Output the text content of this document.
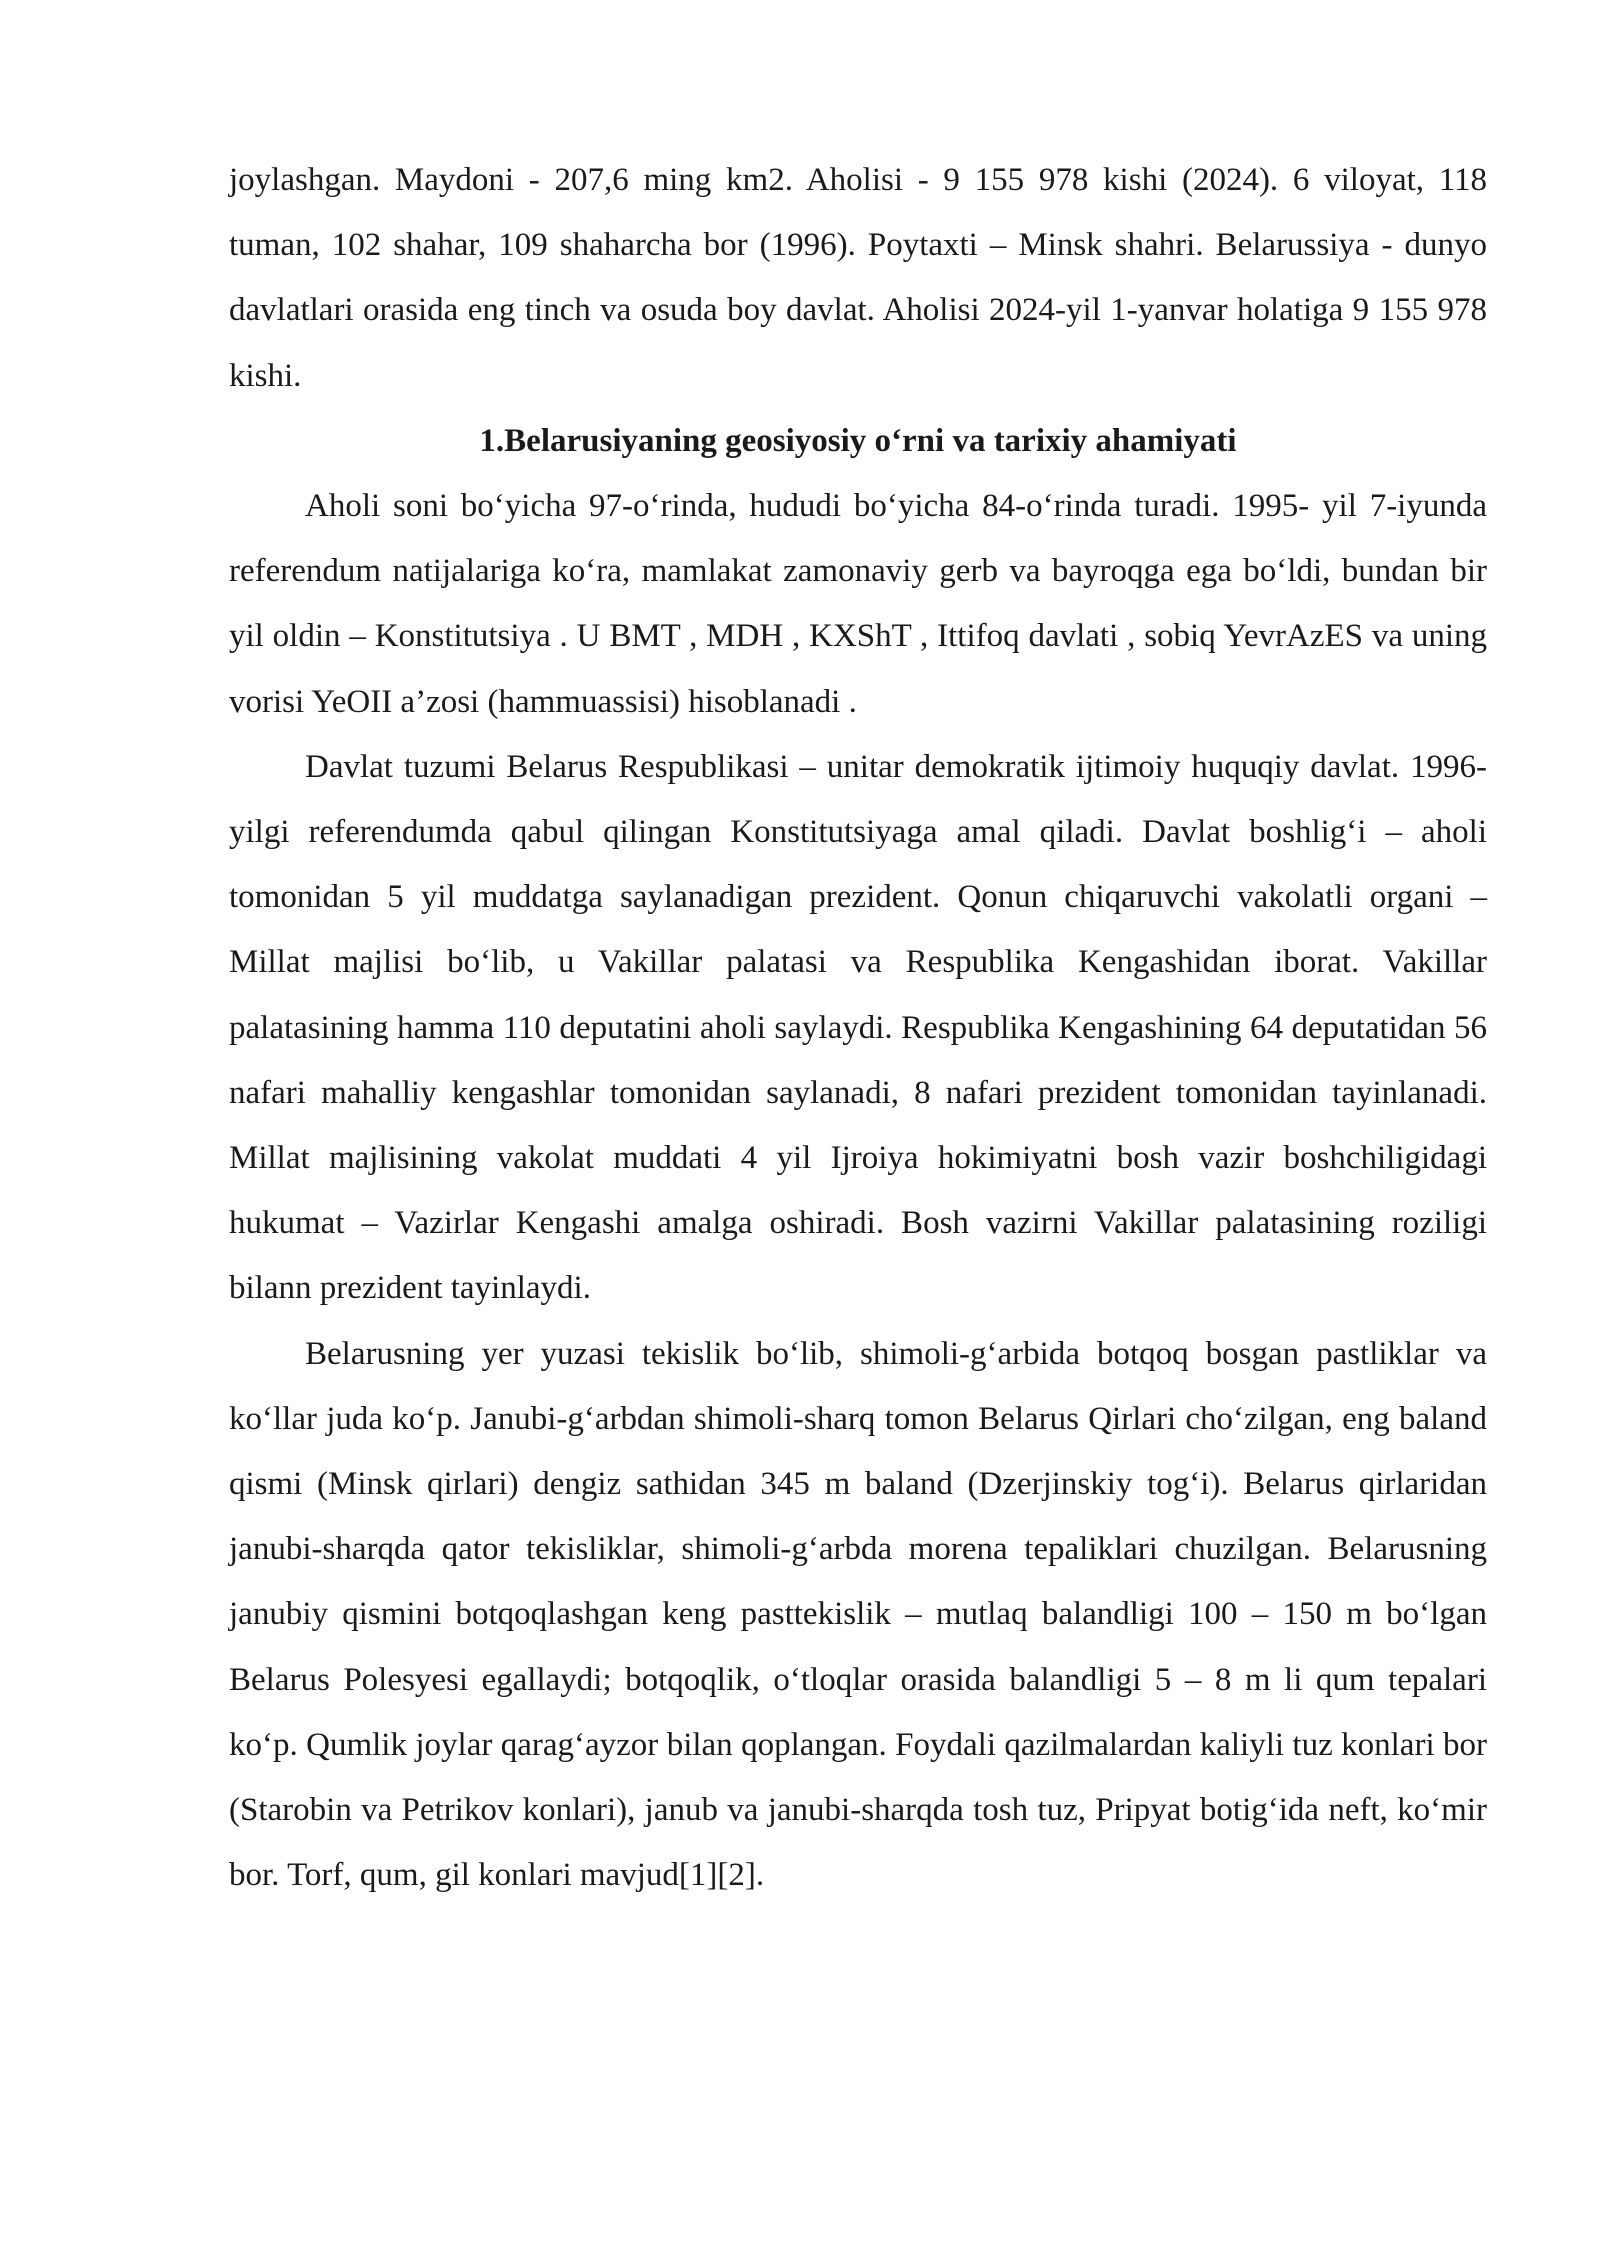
joylashgan. Maydoni - 207,6 ming km2. Aholisi - 9 155 978 kishi (2024). 6 viloyat, 118 tuman, 102 shahar, 109 shaharcha bor (1996). Poytaxti – Minsk shahri. Belarussiya - dunyo davlatlari orasida eng tinch va osuda boy davlat. Aholisi 2024-yil 1-yanvar holatiga 9 155 978 kishi.

1.Belarusiyaning geosiyosiy o‘rni va tarixiy ahamiyati

Aholi soni bo‘yicha 97-o‘rinda, hududi bo‘yicha 84-o‘rinda turadi. 1995- yil 7-iyunda referendum natijalariga ko‘ra, mamlakat zamonaviy gerb va bayroqga ega bo‘ldi, bundan bir yil oldin – Konstitutsiya . U BMT , MDH , KXShT , Ittifoq davlati , sobiq YevrAzES va uning vorisi YeOII a’zosi (hammuassisi) hisoblanadi .

Davlat tuzumi Belarus Respublikasi – unitar demokratik ijtimoiy huquqiy davlat. 1996-yilgi referendumda qabul qilingan Konstitutsiyaga amal qiladi. Davlat boshlig‘i – aholi tomonidan 5 yil muddatga saylanadigan prezident. Qonun chiqaruvchi vakolatli organi – Millat majlisi bo‘lib, u Vakillar palatasi va Respublika Kengashidan iborat. Vakillar palatasining hamma 110 deputatini aholi saylaydi. Respublika Kengashining 64 deputatidan 56 nafari mahalliy kengashlar tomonidan saylanadi, 8 nafari prezident tomonidan tayinlanadi. Millat majlisining vakolat muddati 4 yil Ijroiya hokimiyatni bosh vazir boshchiligidagi hukumat – Vazirlar Kengashi amalga oshiradi. Bosh vazirni Vakillar palatasining roziligi bilann prezident tayinlaydi.

Belarusning yer yuzasi tekislik bo‘lib, shimoli-g‘arbida botqoq bosgan pastliklar va ko‘llar juda ko‘p. Janubi-g‘arbdan shimoli-sharq tomon Belarus Qirlari cho‘zilgan, eng baland qismi (Minsk qirlari) dengiz sathidan 345 m baland (Dzerjinskiy tog‘i). Belarus qirlaridan janubi-sharqda qator tekisliklar, shimoli-g‘arbda morena tepaliklari chuzilgan. Belarusning janubiy qismini botqoqlashgan keng pasttekislik – mutlaq balandligi 100 – 150 m bo‘lgan Belarus Polesyesi egallaydi; botqoqlik, o‘tloqlar orasida balandligi 5 – 8 m li qum tepalari ko‘p. Qumlik joylar qarag‘ayzor bilan qoplangan. Foydali qazilmalardan kaliyli tuz konlari bor (Starobin va Petrikov konlari), janub va janubi-sharqda tosh tuz, Pripyat botig‘ida neft, ko‘mir bor. Torf, qum, gil konlari mavjud[1][2].
